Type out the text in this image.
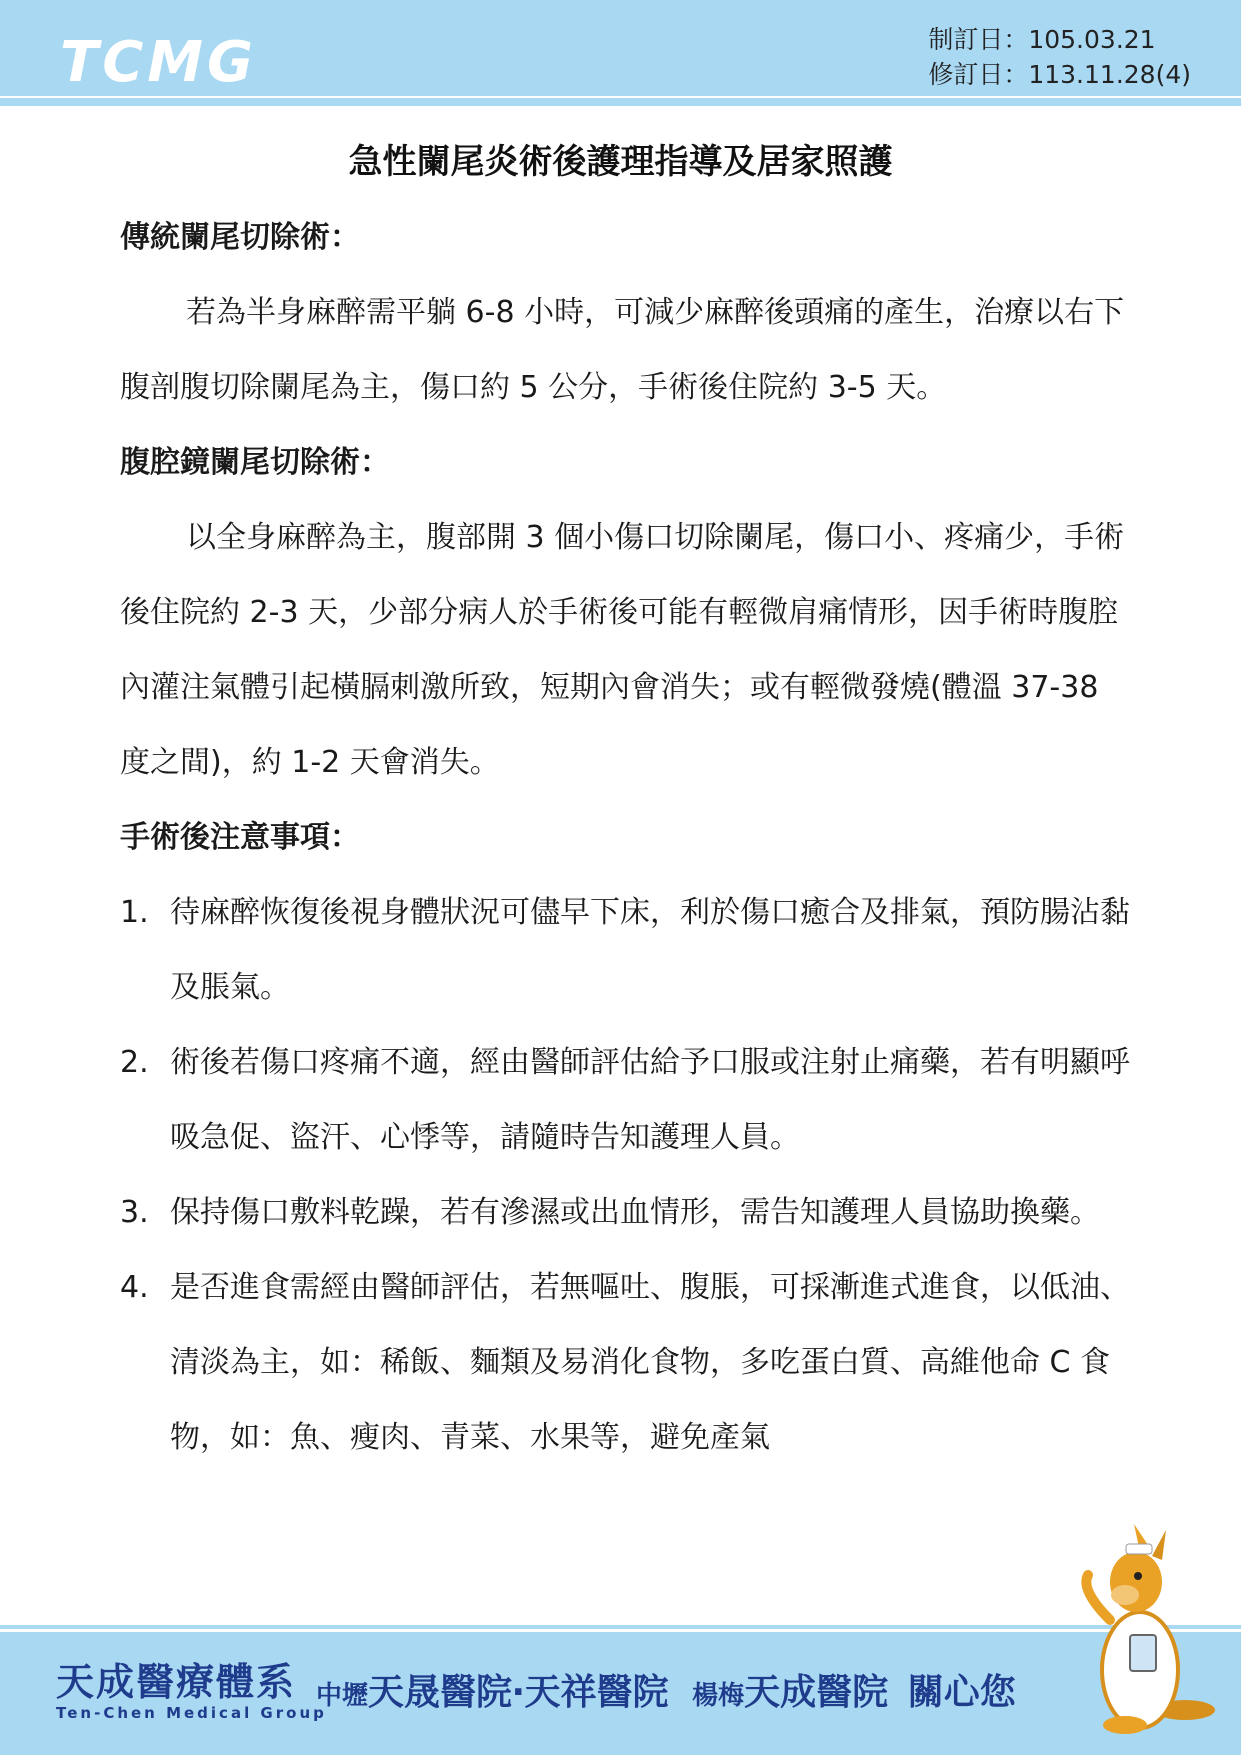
TCMG	制訂日：105.03.21
修訂日：113.11.28(4)
急性闌尾炎術後護理指導及居家照護

傳統闌尾切除術：

若為半身麻醉需平躺 6-8 小時，可減少麻醉後頭痛的產生，治療以右下腹剖腹切除闌尾為主，傷口約 5 公分，手術後住院約 3-5 天。

腹腔鏡闌尾切除術：

以全身麻醉為主，腹部開 3 個小傷口切除闌尾，傷口小、疼痛少，手術後住院約 2-3 天，少部分病人於手術後可能有輕微肩痛情形，因手術時腹腔內灌注氣體引起橫膈刺激所致，短期內會消失；或有輕微發燒(體溫 37-38 度之間)，約 1-2 天會消失。

手術後注意事項：

1. 待麻醉恢復後視身體狀況可儘早下床，利於傷口癒合及排氣，預防腸沾黏及脹氣。
2. 術後若傷口疼痛不適，經由醫師評估給予口服或注射止痛藥，若有明顯呼吸急促、盜汗、心悸等，請隨時告知護理人員。
3. 保持傷口敷料乾躁，若有滲濕或出血情形，需告知護理人員協助換藥。
4. 是否進食需經由醫師評估，若無嘔吐、腹脹，可採漸進式進食，以低油、清淡為主，如：稀飯、麵類及易消化食物，多吃蛋白質、高維他命 C 食物，如：魚、瘦肉、青菜、水果等，避免產氣
天成醫療體系
Ten-Chen Medical Group
中壢天晟醫院‧天祥醫院 楊梅天成醫院 關心您
